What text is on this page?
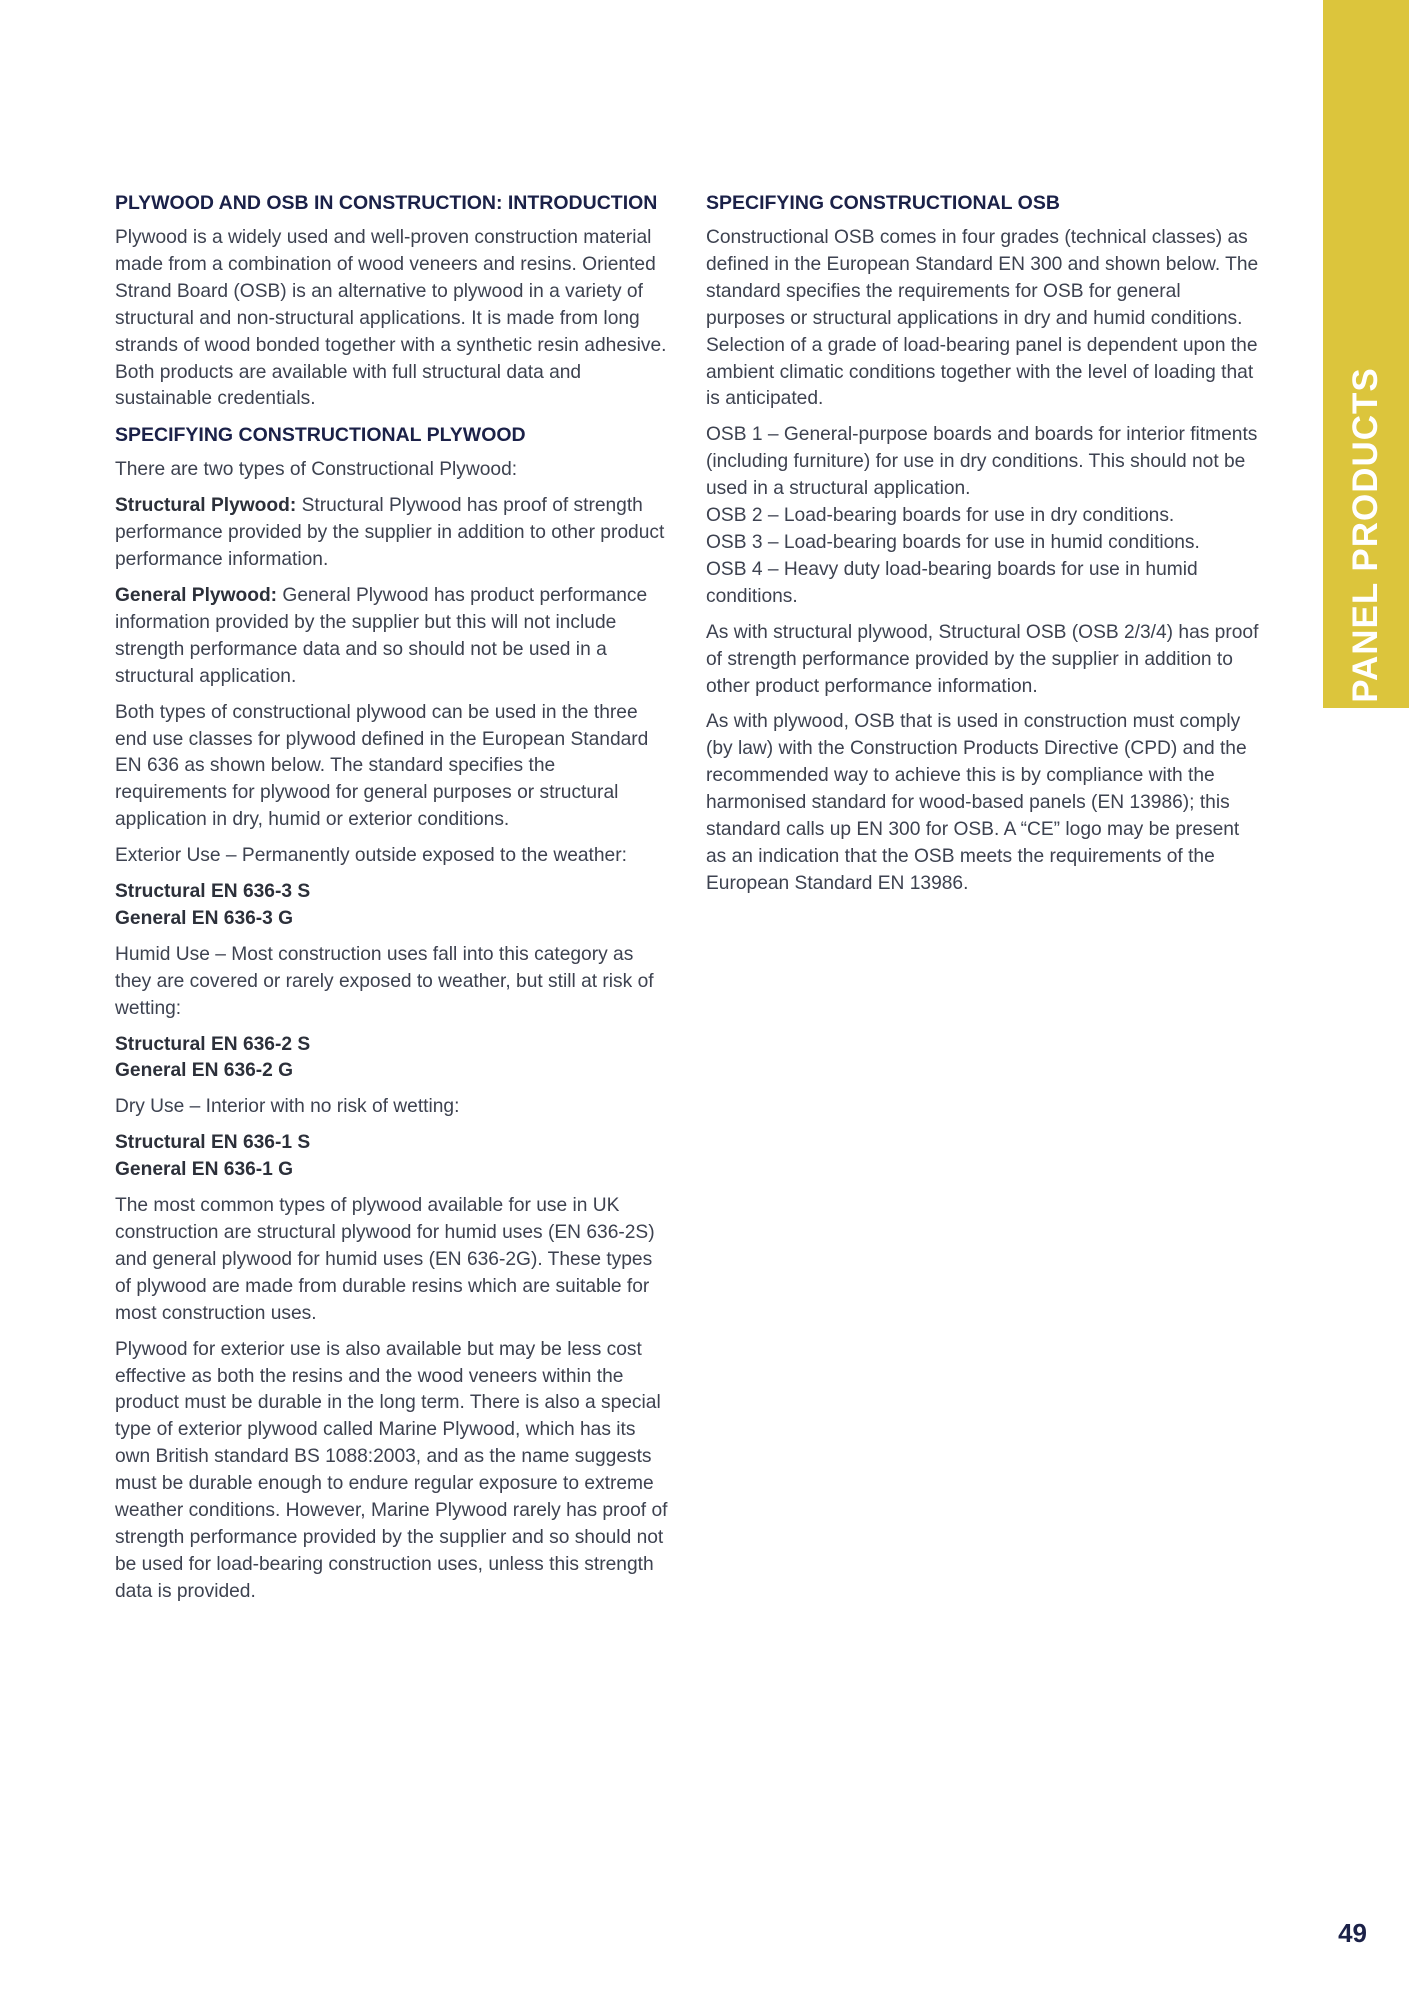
PANEL PRODUCTS
PLYWOOD AND OSB IN CONSTRUCTION: INTRODUCTION

Plywood is a widely used and well-proven construction material made from a combination of wood veneers and resins. Oriented Strand Board (OSB) is an alternative to plywood in a variety of structural and non-structural applications. It is made from long strands of wood bonded together with a synthetic resin adhesive. Both products are available with full structural data and sustainable credentials.

SPECIFYING CONSTRUCTIONAL PLYWOOD

There are two types of Constructional Plywood:

Structural Plywood: Structural Plywood has proof of strength performance provided by the supplier in addition to other product performance information.

General Plywood: General Plywood has product performance information provided by the supplier but this will not include strength performance data and so should not be used in a structural application.

Both types of constructional plywood can be used in the three end use classes for plywood defined in the European Standard EN 636 as shown below. The standard specifies the requirements for plywood for general purposes or structural application in dry, humid or exterior conditions.

Exterior Use – Permanently outside exposed to the weather:

Structural EN 636-3 S

General EN 636-3 G

Humid Use – Most construction uses fall into this category as they are covered or rarely exposed to weather, but still at risk of wetting:

Structural EN 636-2 S

General EN 636-2 G

Dry Use – Interior with no risk of wetting:

Structural EN 636-1 S

General EN 636-1 G

The most common types of plywood available for use in UK construction are structural plywood for humid uses (EN 636-2S) and general plywood for humid uses (EN 636-2G). These types of plywood are made from durable resins which are suitable for most construction uses.

Plywood for exterior use is also available but may be less cost effective as both the resins and the wood veneers within the product must be durable in the long term. There is also a special type of exterior plywood called Marine Plywood, which has its own British standard BS 1088:2003, and as the name suggests must be durable enough to endure regular exposure to extreme weather conditions. However, Marine Plywood rarely has proof of strength performance provided by the supplier and so should not be used for load-bearing construction uses, unless this strength data is provided.

SPECIFYING CONSTRUCTIONAL OSB

Constructional OSB comes in four grades (technical classes) as defined in the European Standard EN 300 and shown below. The standard specifies the requirements for OSB for general purposes or structural applications in dry and humid conditions. Selection of a grade of load-bearing panel is dependent upon the ambient climatic conditions together with the level of loading that is anticipated.

OSB 1 – General-purpose boards and boards for interior fitments (including furniture) for use in dry conditions. This should not be used in a structural application.

OSB 2 – Load-bearing boards for use in dry conditions.

OSB 3 – Load-bearing boards for use in humid conditions.

OSB 4 – Heavy duty load-bearing boards for use in humid conditions.

As with structural plywood, Structural OSB (OSB 2/3/4) has proof of strength performance provided by the supplier in addition to other product performance information.

As with plywood, OSB that is used in construction must comply (by law) with the Construction Products Directive (CPD) and the recommended way to achieve this is by compliance with the harmonised standard for wood-based panels (EN 13986); this standard calls up EN 300 for OSB. A “CE” logo may be present as an indication that the OSB meets the requirements of the European Standard EN 13986.

49
